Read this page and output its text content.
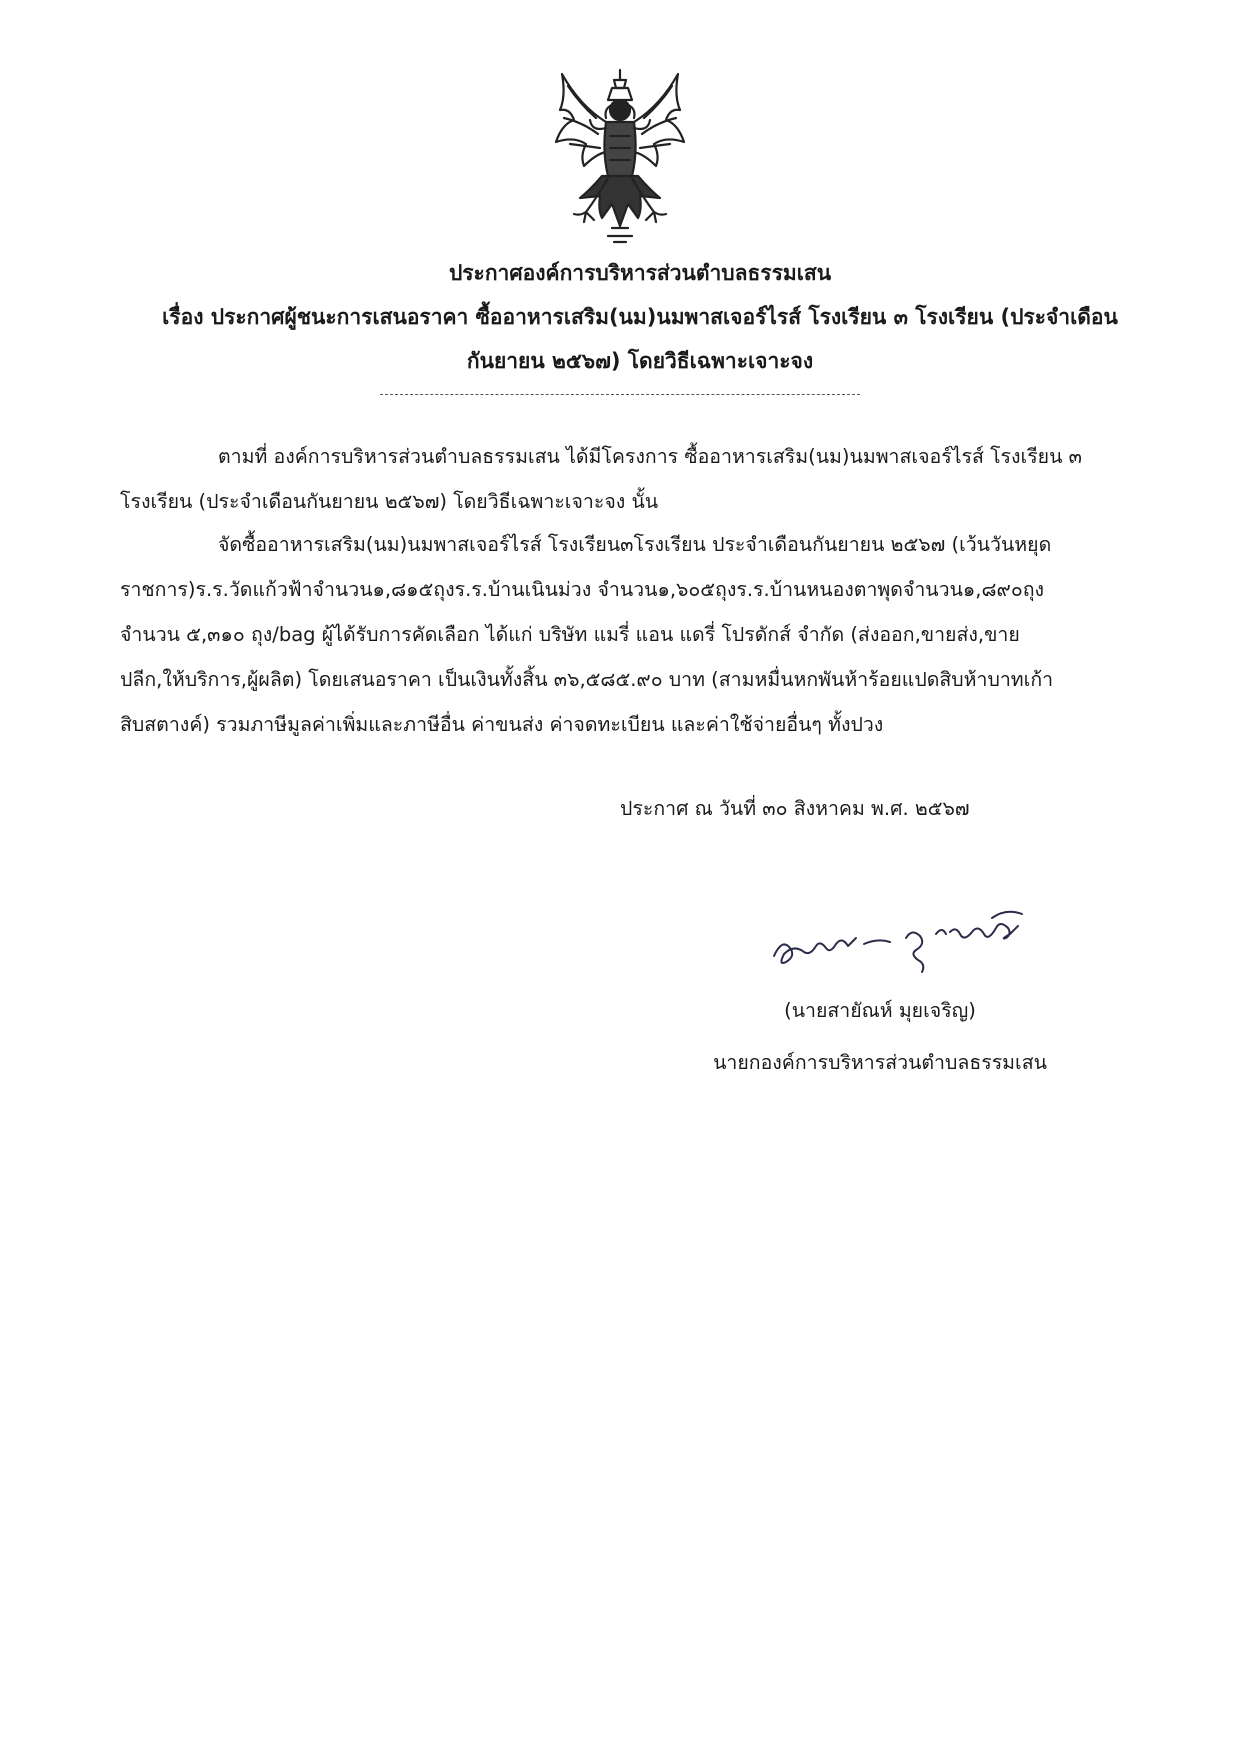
ประกาศองค์การบริหารส่วนตำบลธรรมเสน
เรื่อง ประกาศผู้ชนะการเสนอราคา ซื้ออาหารเสริม(นม)นมพาสเจอร์ไรส์ โรงเรียน ๓ โรงเรียน (ประจำเดือน
กันยายน ๒๕๖๗) โดยวิธีเฉพาะเจาะจง
ตามที่ องค์การบริหารส่วนตำบลธรรมเสน ได้มีโครงการ ซื้ออาหารเสริม(นม)นมพาสเจอร์ไรส์ โรงเรียน ๓
โรงเรียน (ประจำเดือนกันยายน ๒๕๖๗) โดยวิธีเฉพาะเจาะจง นั้น
จัดซื้ออาหารเสริม(นม)นมพาสเจอร์ไรส์ โรงเรียน๓โรงเรียน ประจำเดือนกันยายน ๒๕๖๗ (เว้นวันหยุด
ราชการ)ร.ร.วัดแก้วฟ้าจำนวน๑,๘๑๕ถุงร.ร.บ้านเนินม่วง จำนวน๑,๖๐๕ถุงร.ร.บ้านหนองตาพุดจำนวน๑,๘๙๐ถุง
จำนวน ๕,๓๑๐ ถุง/bag ผู้ได้รับการคัดเลือก ได้แก่ บริษัท แมรี่ แอน แดรี่ โปรดักส์ จำกัด (ส่งออก,ขายส่ง,ขาย
ปลีก,ให้บริการ,ผู้ผลิต) โดยเสนอราคา เป็นเงินทั้งสิ้น ๓๖,๕๘๕.๙๐ บาท (สามหมื่นหกพันห้าร้อยแปดสิบห้าบาทเก้า
สิบสตางค์) รวมภาษีมูลค่าเพิ่มและภาษีอื่น ค่าขนส่ง ค่าจดทะเบียน และค่าใช้จ่ายอื่นๆ ทั้งปวง
ประกาศ ณ วันที่ ๓๐ สิงหาคม พ.ศ. ๒๕๖๗
(นายสายัณห์ มุยเจริญ)
นายกองค์การบริหารส่วนตำบลธรรมเสน
